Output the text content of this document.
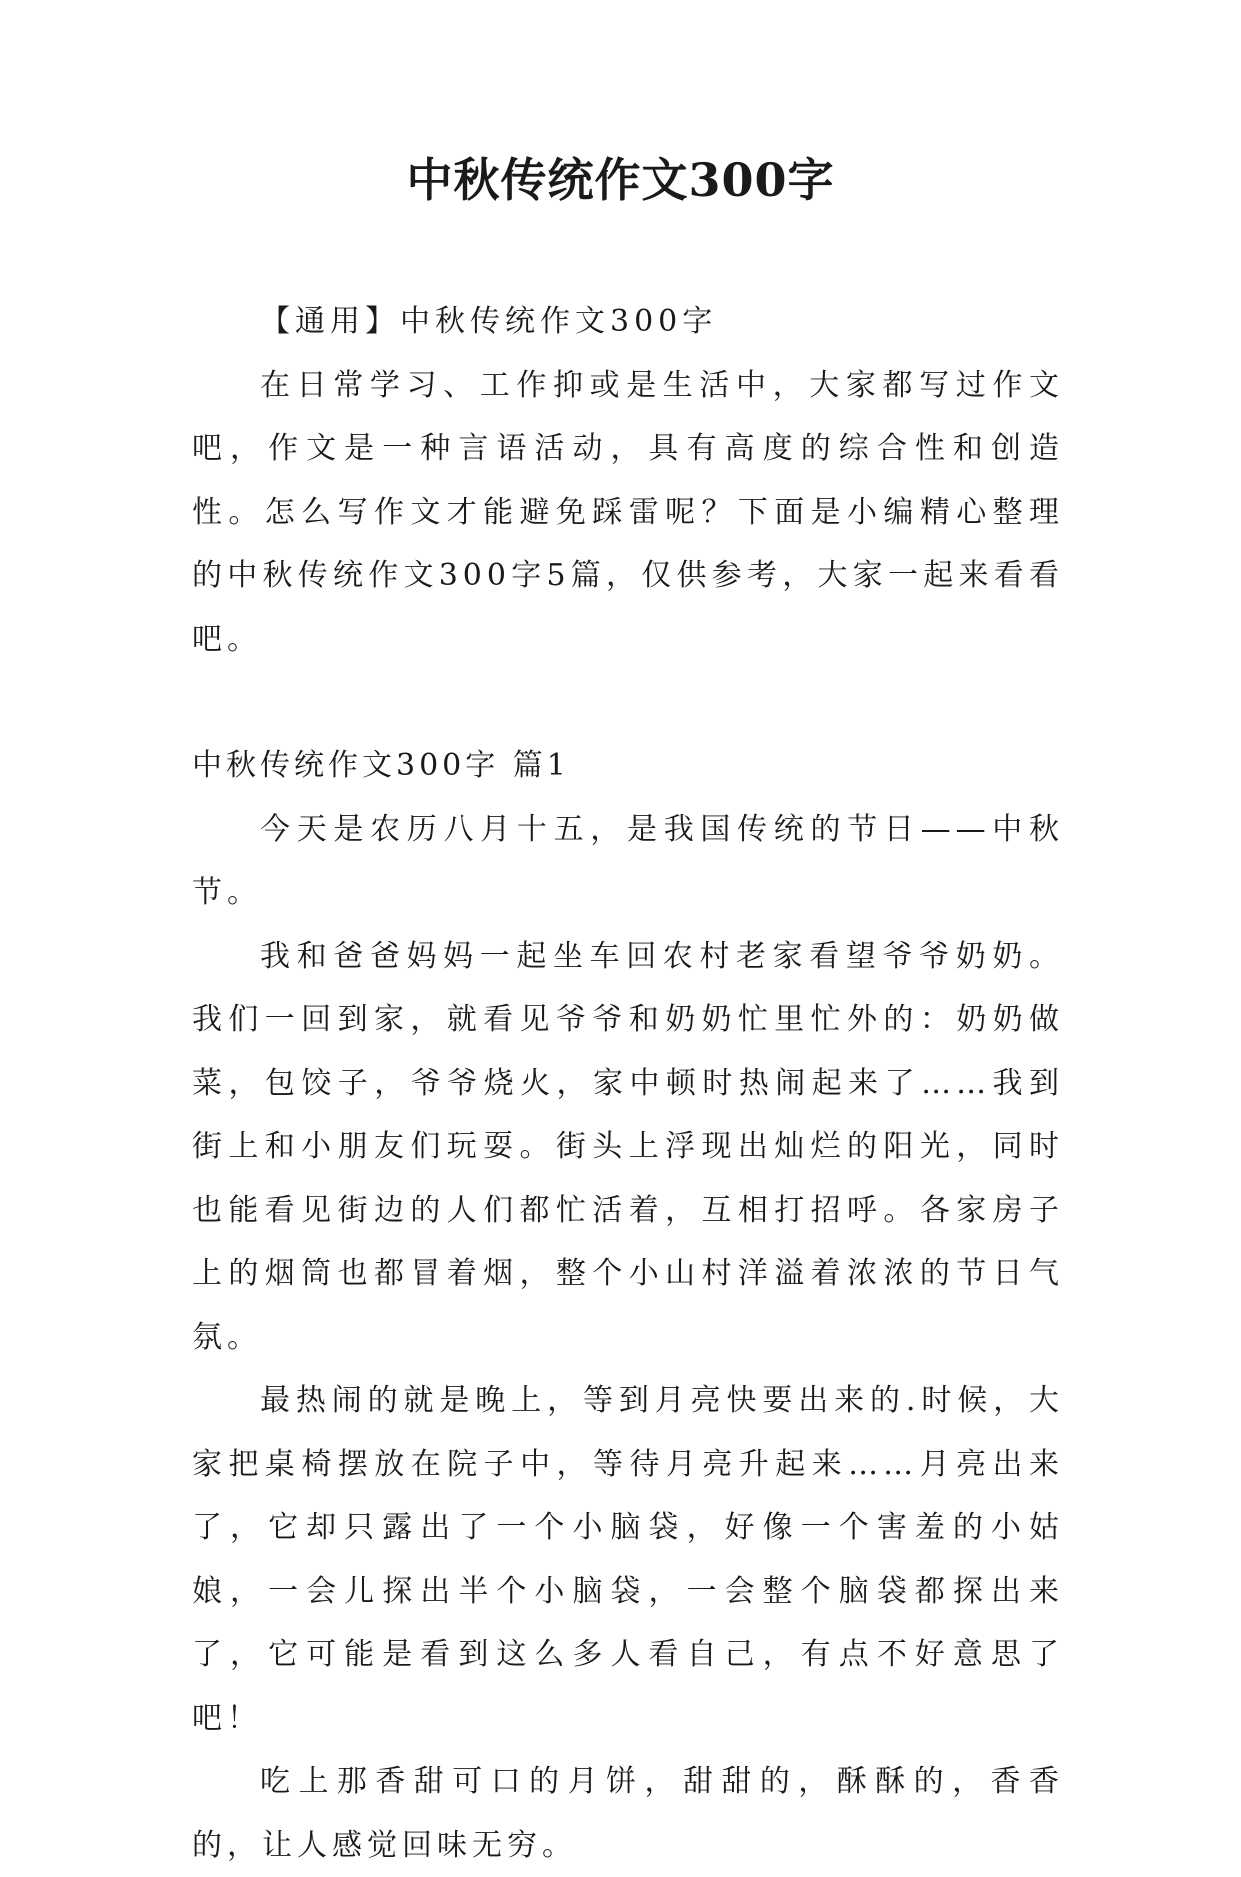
中秋传统作文300字

【通用】中秋传统作文300字

在日常学习、工作抑或是生活中，大家都写过作文吧，作文是一种言语活动，具有高度的综合性和创造性。怎么写作文才能避免踩雷呢？下面是小编精心整理的中秋传统作文300字5篇，仅供参考，大家一起来看看吧。

中秋传统作文300字 篇1

今天是农历八月十五，是我国传统的节日——中秋节。

我和爸爸妈妈一起坐车回农村老家看望爷爷奶奶。我们一回到家，就看见爷爷和奶奶忙里忙外的：奶奶做菜，包饺子，爷爷烧火，家中顿时热闹起来了……我到街上和小朋友们玩耍。街头上浮现出灿烂的阳光，同时也能看见街边的人们都忙活着，互相打招呼。各家房子上的烟筒也都冒着烟，整个小山村洋溢着浓浓的节日气氛。

最热闹的就是晚上，等到月亮快要出来的.时候，大家把桌椅摆放在院子中，等待月亮升起来……月亮出来了，它却只露出了一个小脑袋，好像一个害羞的小姑娘，一会儿探出半个小脑袋，一会整个脑袋都探出来了，它可能是看到这么多人看自己，有点不好意思了吧！

吃上那香甜可口的月饼，甜甜的，酥酥的，香香的，让人感觉回味无穷。
